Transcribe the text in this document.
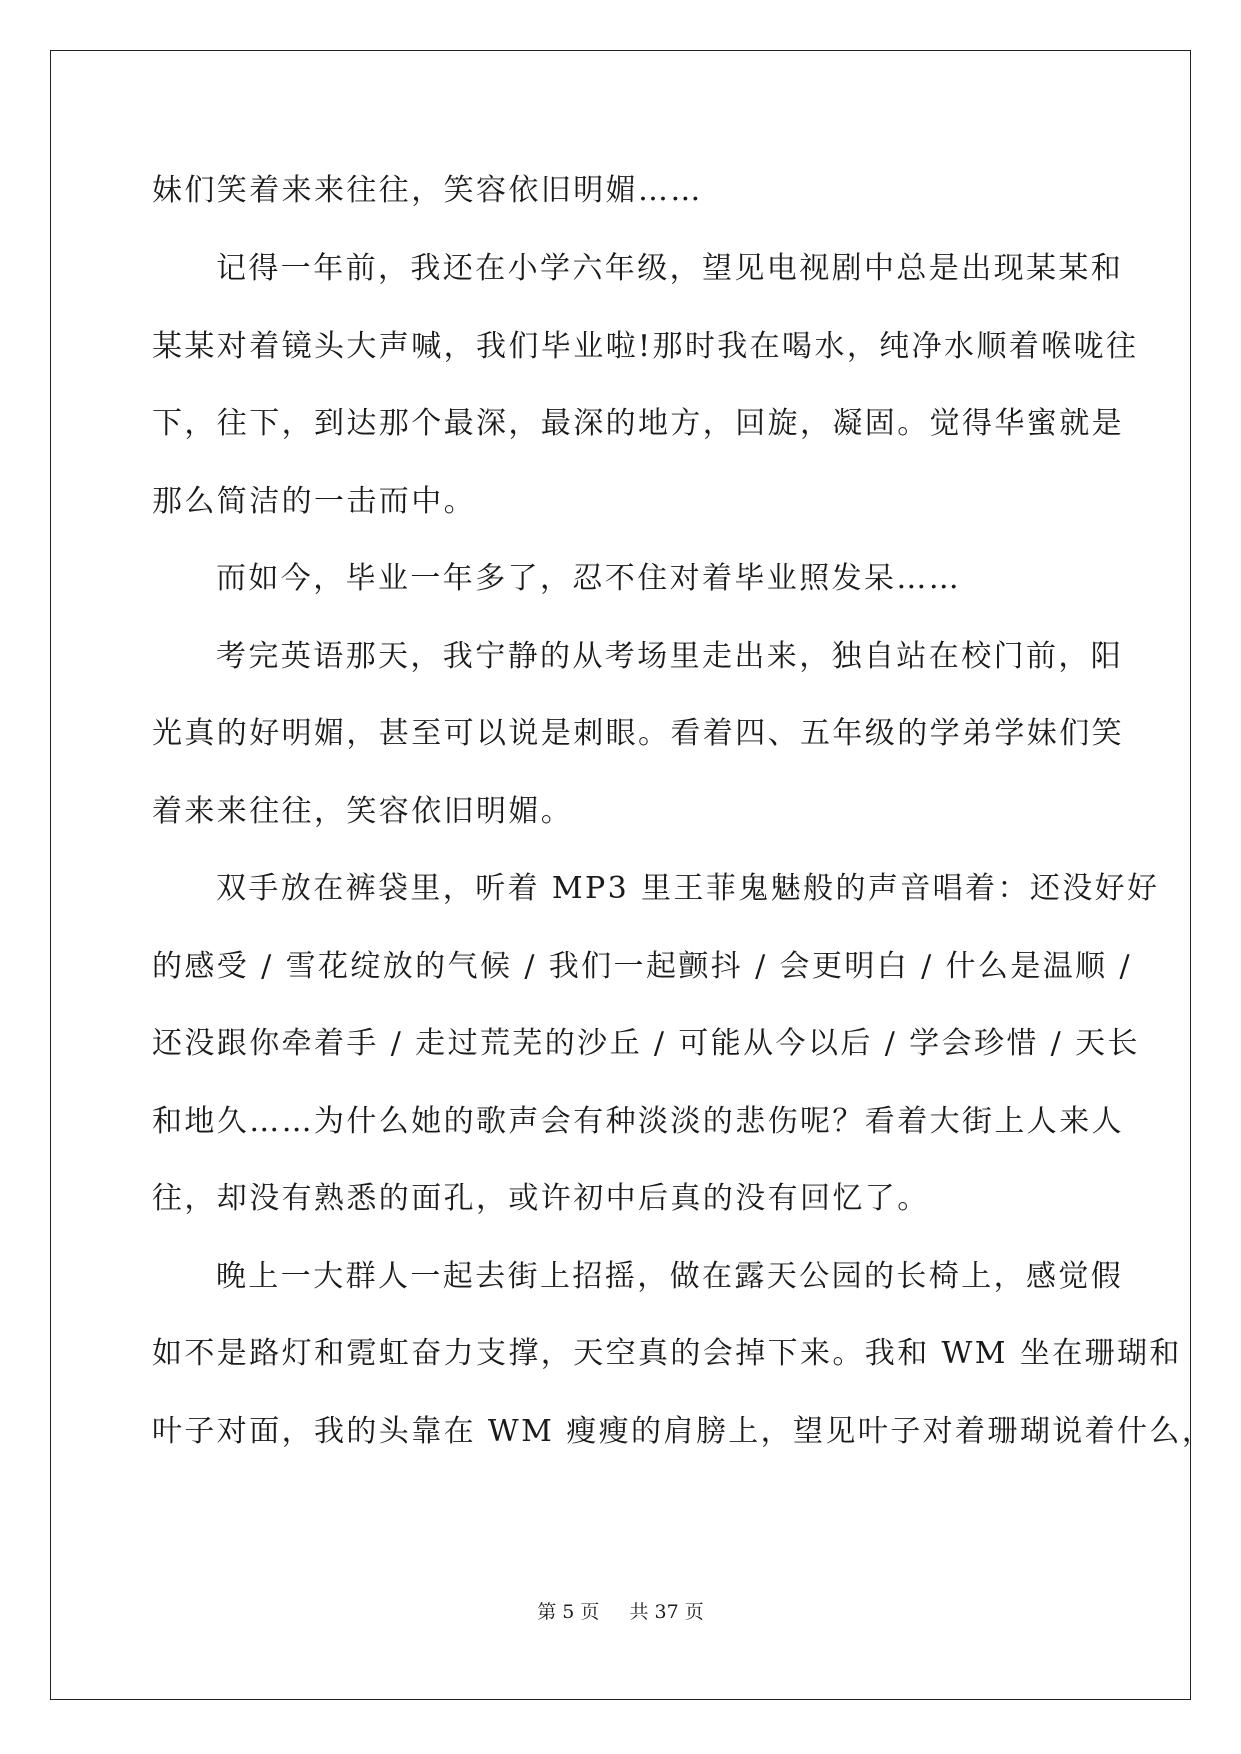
妹们笑着来来往往，笑容依旧明媚……
记得一年前，我还在小学六年级，望见电视剧中总是出现某某和
某某对着镜头大声喊，我们毕业啦!那时我在喝水，纯净水顺着喉咙往
下，往下，到达那个最深，最深的地方，回旋，凝固。觉得华蜜就是
那么简洁的一击而中。
而如今，毕业一年多了，忍不住对着毕业照发呆……
考完英语那天，我宁静的从考场里走出来，独自站在校门前，阳
光真的好明媚，甚至可以说是刺眼。看着四、五年级的学弟学妹们笑
着来来往往，笑容依旧明媚。
双手放在裤袋里，听着 MP3 里王菲鬼魅般的声音唱着：还没好好
的感受 / 雪花绽放的气候 / 我们一起颤抖 / 会更明白 / 什么是温顺 /
还没跟你牵着手 / 走过荒芜的沙丘 / 可能从今以后 / 学会珍惜 / 天长
和地久……为什么她的歌声会有种淡淡的悲伤呢？看着大街上人来人
往，却没有熟悉的面孔，或许初中后真的没有回忆了。
晚上一大群人一起去街上招摇，做在露天公园的长椅上，感觉假
如不是路灯和霓虹奋力支撑，天空真的会掉下来。我和 WM 坐在珊瑚和
叶子对面，我的头靠在 WM 瘦瘦的肩膀上，望见叶子对着珊瑚说着什么，
第 5 页 共 37 页
